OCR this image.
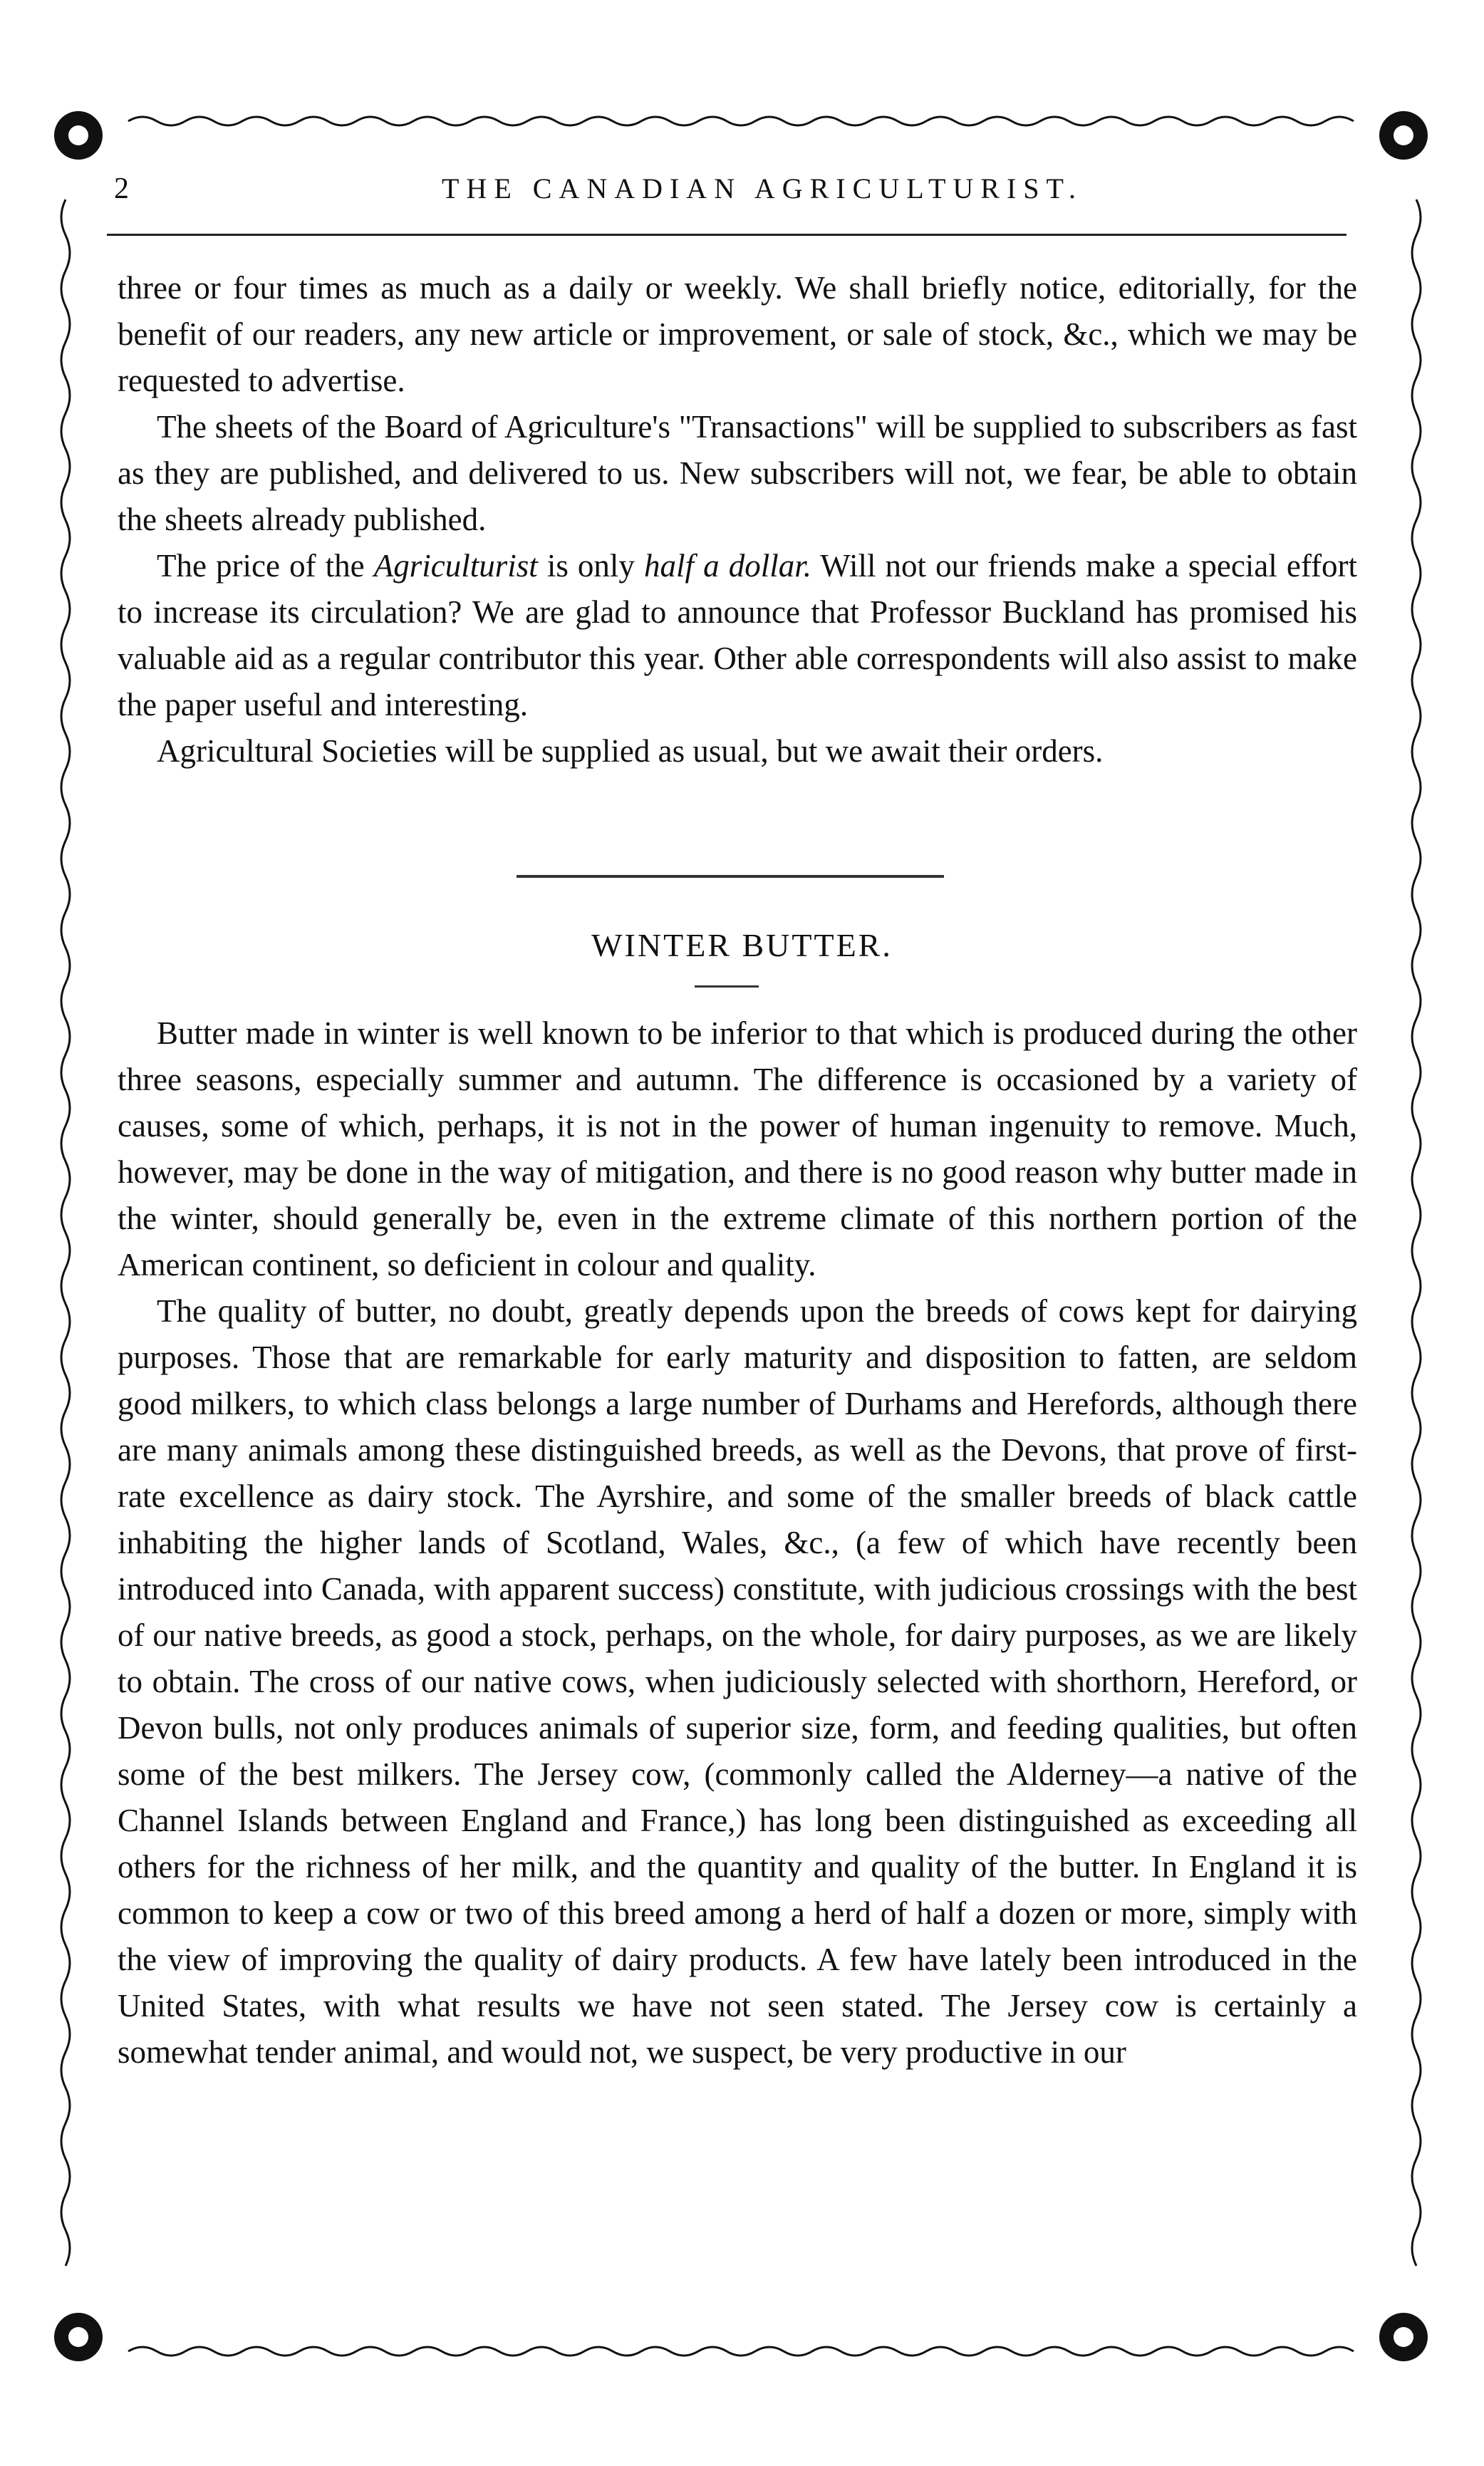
2	THE CANADIAN AGRICULTURIST.

three or four times as much as a daily or weekly. We shall briefly notice, editorially, for the benefit of our readers, any new article or improvement, or sale of stock, &c., which we may be requested to advertise.

The sheets of the Board of Agriculture's "Transactions" will be supplied to subscribers as fast as they are published, and delivered to us. New subscribers will not, we fear, be able to obtain the sheets already published.

The price of the Agriculturist is only half a dollar. Will not our friends make a special effort to increase its circulation? We are glad to announce that Professor Buckland has promised his valuable aid as a regular contributor this year. Other able correspondents will also assist to make the paper useful and interesting.

Agricultural Societies will be supplied as usual, but we await their orders.

WINTER BUTTER.

Butter made in winter is well known to be inferior to that which is produced during the other three seasons, especially summer and autumn. The difference is occasioned by a variety of causes, some of which, perhaps, it is not in the power of human ingenuity to remove. Much, however, may be done in the way of mitigation, and there is no good reason why butter made in the winter, should generally be, even in the extreme climate of this northern portion of the American continent, so deficient in colour and quality.

The quality of butter, no doubt, greatly depends upon the breeds of cows kept for dairying purposes. Those that are remarkable for early maturity and disposition to fatten, are seldom good milkers, to which class belongs a large number of Durhams and Herefords, although there are many animals among these distinguished breeds, as well as the Devons, that prove of first-rate excellence as dairy stock. The Ayrshire, and some of the smaller breeds of black cattle inhabiting the higher lands of Scotland, Wales, &c., (a few of which have recently been introduced into Canada, with apparent success) constitute, with judicious crossings with the best of our native breeds, as good a stock, perhaps, on the whole, for dairy purposes, as we are likely to obtain. The cross of our native cows, when judiciously selected with shorthorn, Hereford, or Devon bulls, not only produces animals of superior size, form, and feeding qualities, but often some of the best milkers. The Jersey cow, (commonly called the Alderney—a native of the Channel Islands between England and France,) has long been distinguished as exceeding all others for the richness of her milk, and the quantity and quality of the butter. In England it is common to keep a cow or two of this breed among a herd of half a dozen or more, simply with the view of improving the quality of dairy products. A few have lately been introduced in the United States, with what results we have not seen stated. The Jersey cow is certainly a somewhat tender animal, and would not, we suspect, be very productive in our
